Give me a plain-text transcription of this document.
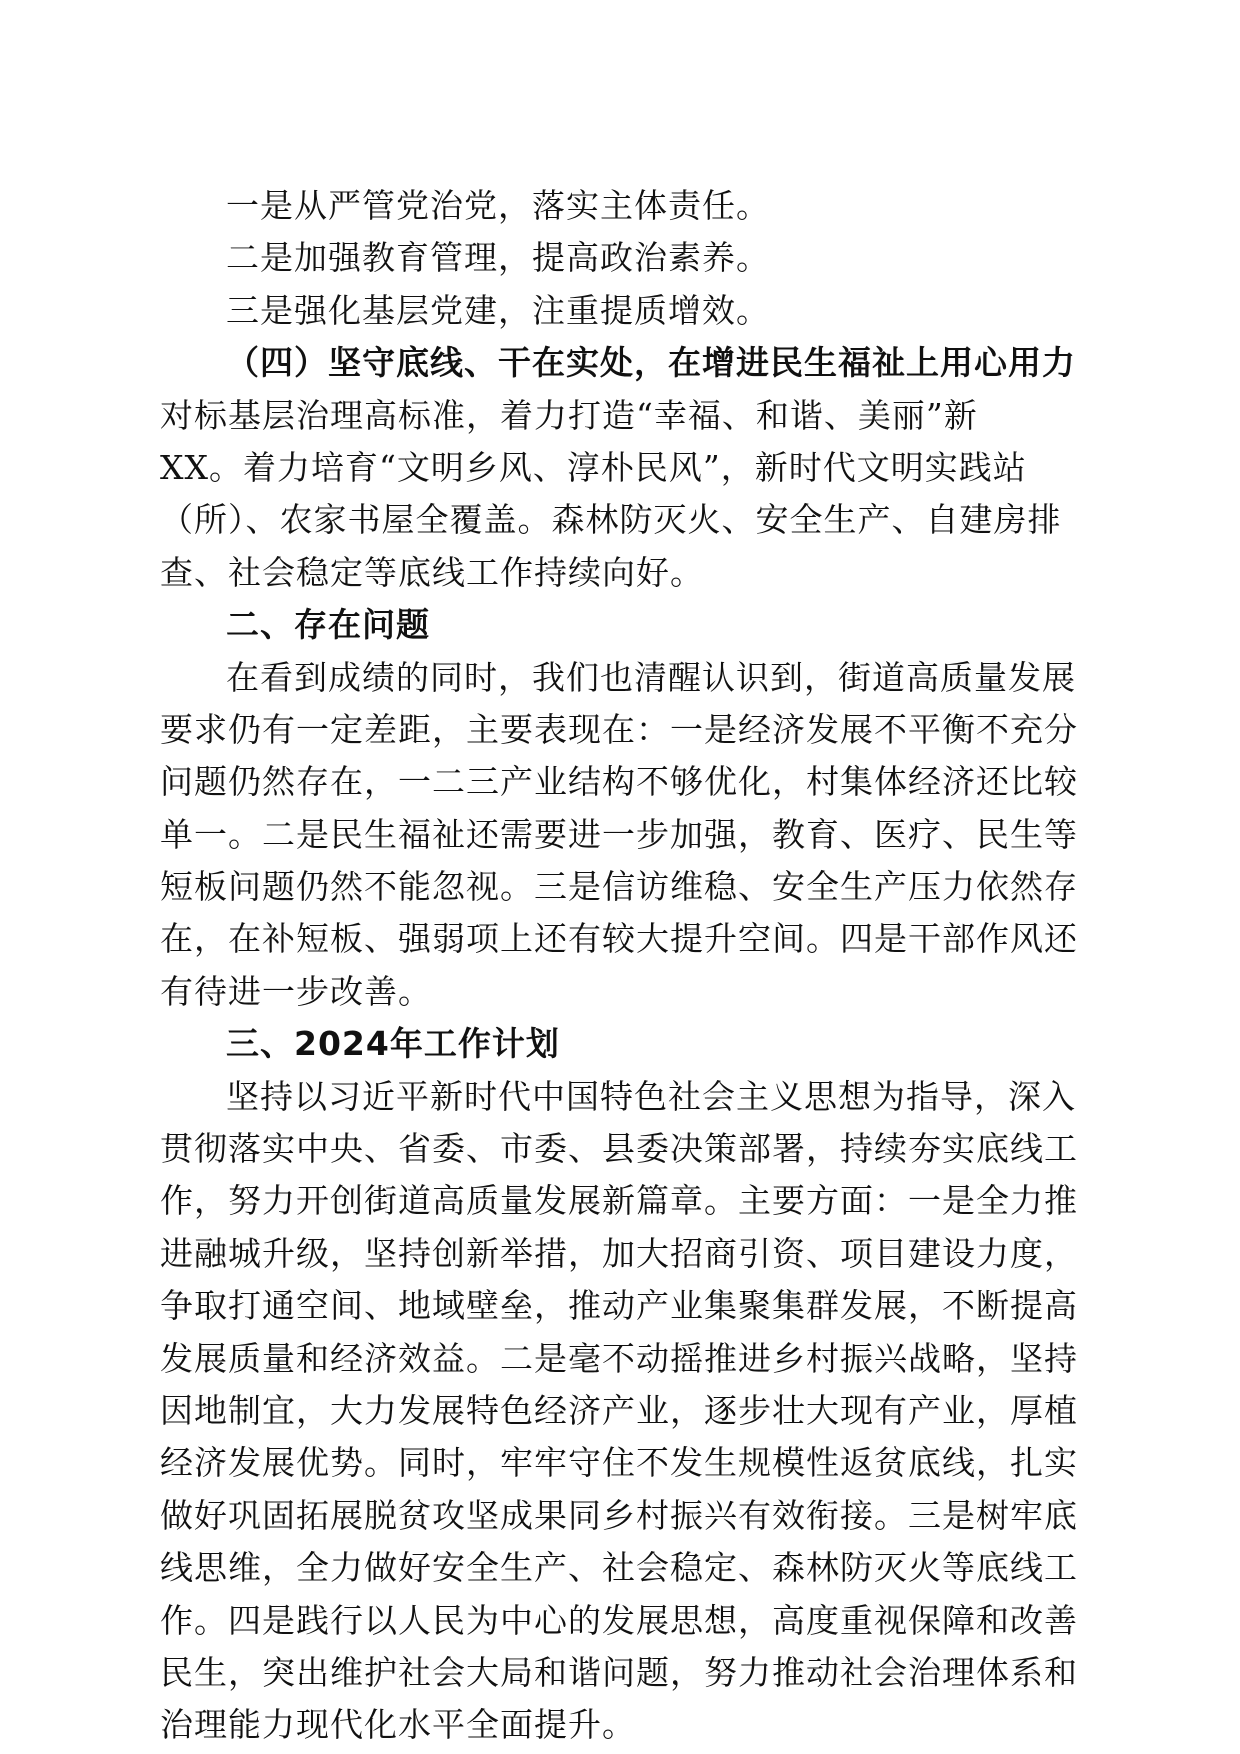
一是从严管党治党，落实主体责任。
二是加强教育管理，提高政治素养。
三是强化基层党建，注重提质增效。
（四）坚守底线、干在实处，在增进民生福祉上用心用力
对标基层治理高标准，着力打造“幸福、和谐、美丽”新
XX。着力培育“文明乡风、淳朴民风”，新时代文明实践站
（所）、农家书屋全覆盖。森林防灭火、安全生产、自建房排
查、社会稳定等底线工作持续向好。
二、存在问题
在看到成绩的同时，我们也清醒认识到，街道高质量发展
要求仍有一定差距，主要表现在：一是经济发展不平衡不充分
问题仍然存在，一二三产业结构不够优化，村集体经济还比较
单一。二是民生福祉还需要进一步加强，教育、医疗、民生等
短板问题仍然不能忽视。三是信访维稳、安全生产压力依然存
在，在补短板、强弱项上还有较大提升空间。四是干部作风还
有待进一步改善。
三、2024年工作计划
坚持以习近平新时代中国特色社会主义思想为指导，深入
贯彻落实中央、省委、市委、县委决策部署，持续夯实底线工
作，努力开创街道高质量发展新篇章。主要方面：一是全力推
进融城升级，坚持创新举措，加大招商引资、项目建设力度，
争取打通空间、地域壁垒，推动产业集聚集群发展，不断提高
发展质量和经济效益。二是毫不动摇推进乡村振兴战略，坚持
因地制宜，大力发展特色经济产业，逐步壮大现有产业，厚植
经济发展优势。同时，牢牢守住不发生规模性返贫底线，扎实
做好巩固拓展脱贫攻坚成果同乡村振兴有效衔接。三是树牢底
线思维，全力做好安全生产、社会稳定、森林防灭火等底线工
作。四是践行以人民为中心的发展思想，高度重视保障和改善
民生，突出维护社会大局和谐问题，努力推动社会治理体系和
治理能力现代化水平全面提升。
